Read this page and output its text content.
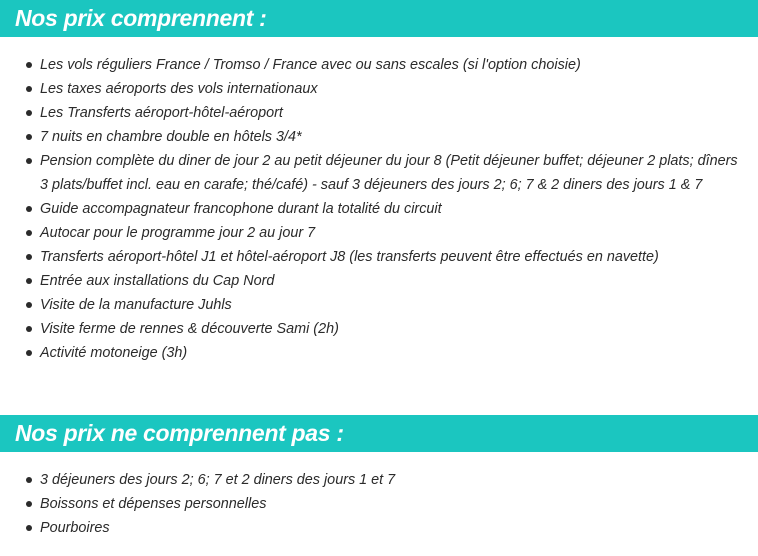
Nos prix comprennent :
Les vols réguliers France / Tromso / France avec ou sans escales (si l'option choisie)
Les taxes aéroports des vols internationaux
Les Transferts aéroport-hôtel-aéroport
7 nuits en chambre double en hôtels 3/4*
Pension complète du diner de jour 2 au petit déjeuner du jour 8 (Petit déjeuner buffet; déjeuner 2 plats; dîners 3 plats/buffet incl. eau en carafe; thé/café) - sauf 3 déjeuners des jours 2; 6; 7 & 2 diners des jours 1 & 7
Guide accompagnateur francophone durant la totalité du circuit
Autocar pour le programme jour 2 au jour 7
Transferts aéroport-hôtel J1 et hôtel-aéroport J8 (les transferts peuvent être effectués en navette)
Entrée aux installations du Cap Nord
Visite de la manufacture Juhls
Visite ferme de rennes & découverte Sami (2h)
Activité motoneige (3h)
Nos prix ne comprennent pas :
3 déjeuners des jours 2; 6; 7 et 2 diners des jours 1 et 7
Boissons et dépenses personnelles
Pourboires
